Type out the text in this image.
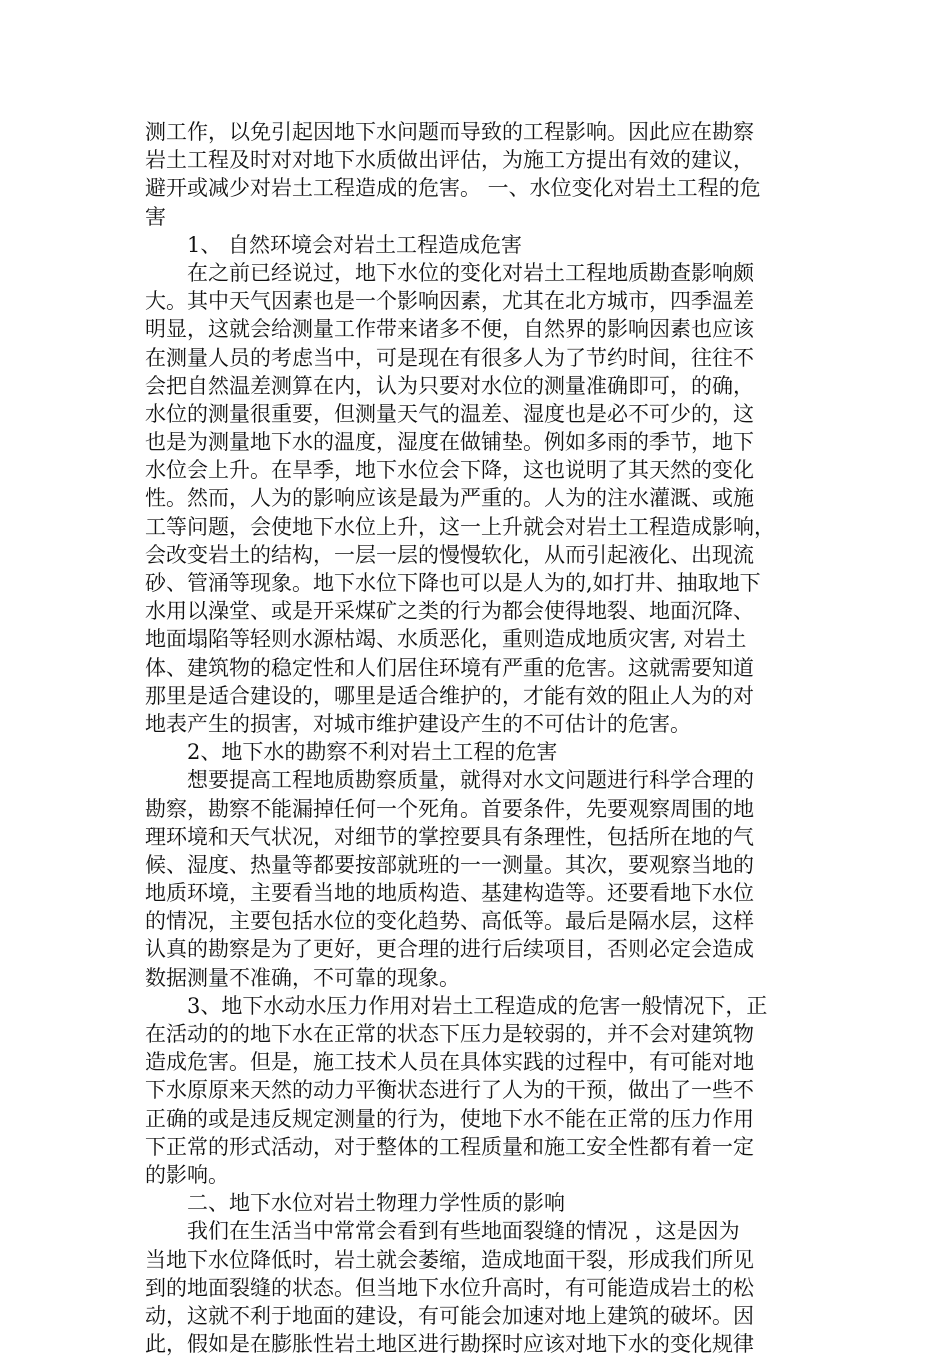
测工作，以免引起因地下水问题而导致的工程影响。因此应在勘察
岩土工程及时对对地下水质做出评估，为施工方提出有效的建议，
避开或减少对岩土工程造成的危害。 一、水位变化对岩土工程的危
害
1、 自然环境会对岩土工程造成危害
在之前已经说过，地下水位的变化对岩土工程地质勘查影响颇
大。其中天气因素也是一个影响因素，尤其在北方城市，四季温差
明显，这就会给测量工作带来诸多不便，自然界的影响因素也应该
在测量人员的考虑当中，可是现在有很多人为了节约时间，往往不
会把自然温差测算在内，认为只要对水位的测量准确即可，的确，
水位的测量很重要，但测量天气的温差、湿度也是必不可少的，这
也是为测量地下水的温度，湿度在做铺垫。例如多雨的季节，地下
水位会上升。在旱季，地下水位会下降，这也说明了其天然的变化
性。然而，人为的影响应该是最为严重的。人为的注水灌溉、或施
工等问题，会使地下水位上升，这一上升就会对岩土工程造成影响，
会改变岩土的结构，一层一层的慢慢软化，从而引起液化、出现流
砂、管涌等现象。地下水位下降也可以是人为的,如打井、抽取地下
水用以澡堂、或是开采煤矿之类的行为都会使得地裂、地面沉降、
地面塌陷等轻则水源枯竭、水质恶化，重则造成地质灾害, 对岩土
体、建筑物的稳定性和人们居住环境有严重的危害。这就需要知道
那里是适合建设的，哪里是适合维护的，才能有效的阻止人为的对
地表产生的损害，对城市维护建设产生的不可估计的危害。
2、地下水的勘察不利对岩土工程的危害
想要提高工程地质勘察质量，就得对水文问题进行科学合理的
勘察，勘察不能漏掉任何一个死角。首要条件，先要观察周围的地
理环境和天气状况，对细节的掌控要具有条理性，包括所在地的气
候、湿度、热量等都要按部就班的一一测量。其次，要观察当地的
地质环境，主要看当地的地质构造、基建构造等。还要看地下水位
的情况，主要包括水位的变化趋势、高低等。最后是隔水层，这样
认真的勘察是为了更好，更合理的进行后续项目，否则必定会造成
数据测量不准确，不可靠的现象。
3、地下水动水压力作用对岩土工程造成的危害一般情况下，正
在活动的的地下水在正常的状态下压力是较弱的，并不会对建筑物
造成危害。但是，施工技术人员在具体实践的过程中，有可能对地
下水原原来天然的动力平衡状态进行了人为的干预，做出了一些不
正确的或是违反规定测量的行为，使地下水不能在正常的压力作用
下正常的形式活动，对于整体的工程质量和施工安全性都有着一定
的影响。
二、地下水位对岩土物理力学性质的影响
我们在生活当中常常会看到有些地面裂缝的情况 ，这是因为
当地下水位降低时，岩土就会萎缩，造成地面干裂，形成我们所见
到的地面裂缝的状态。但当地下水位升高时，有可能造成岩土的松
动，这就不利于地面的建设，有可能会加速对地上建筑的破坏。因
此，假如是在膨胀性岩土地区进行勘探时应该对地下水的变化规律
